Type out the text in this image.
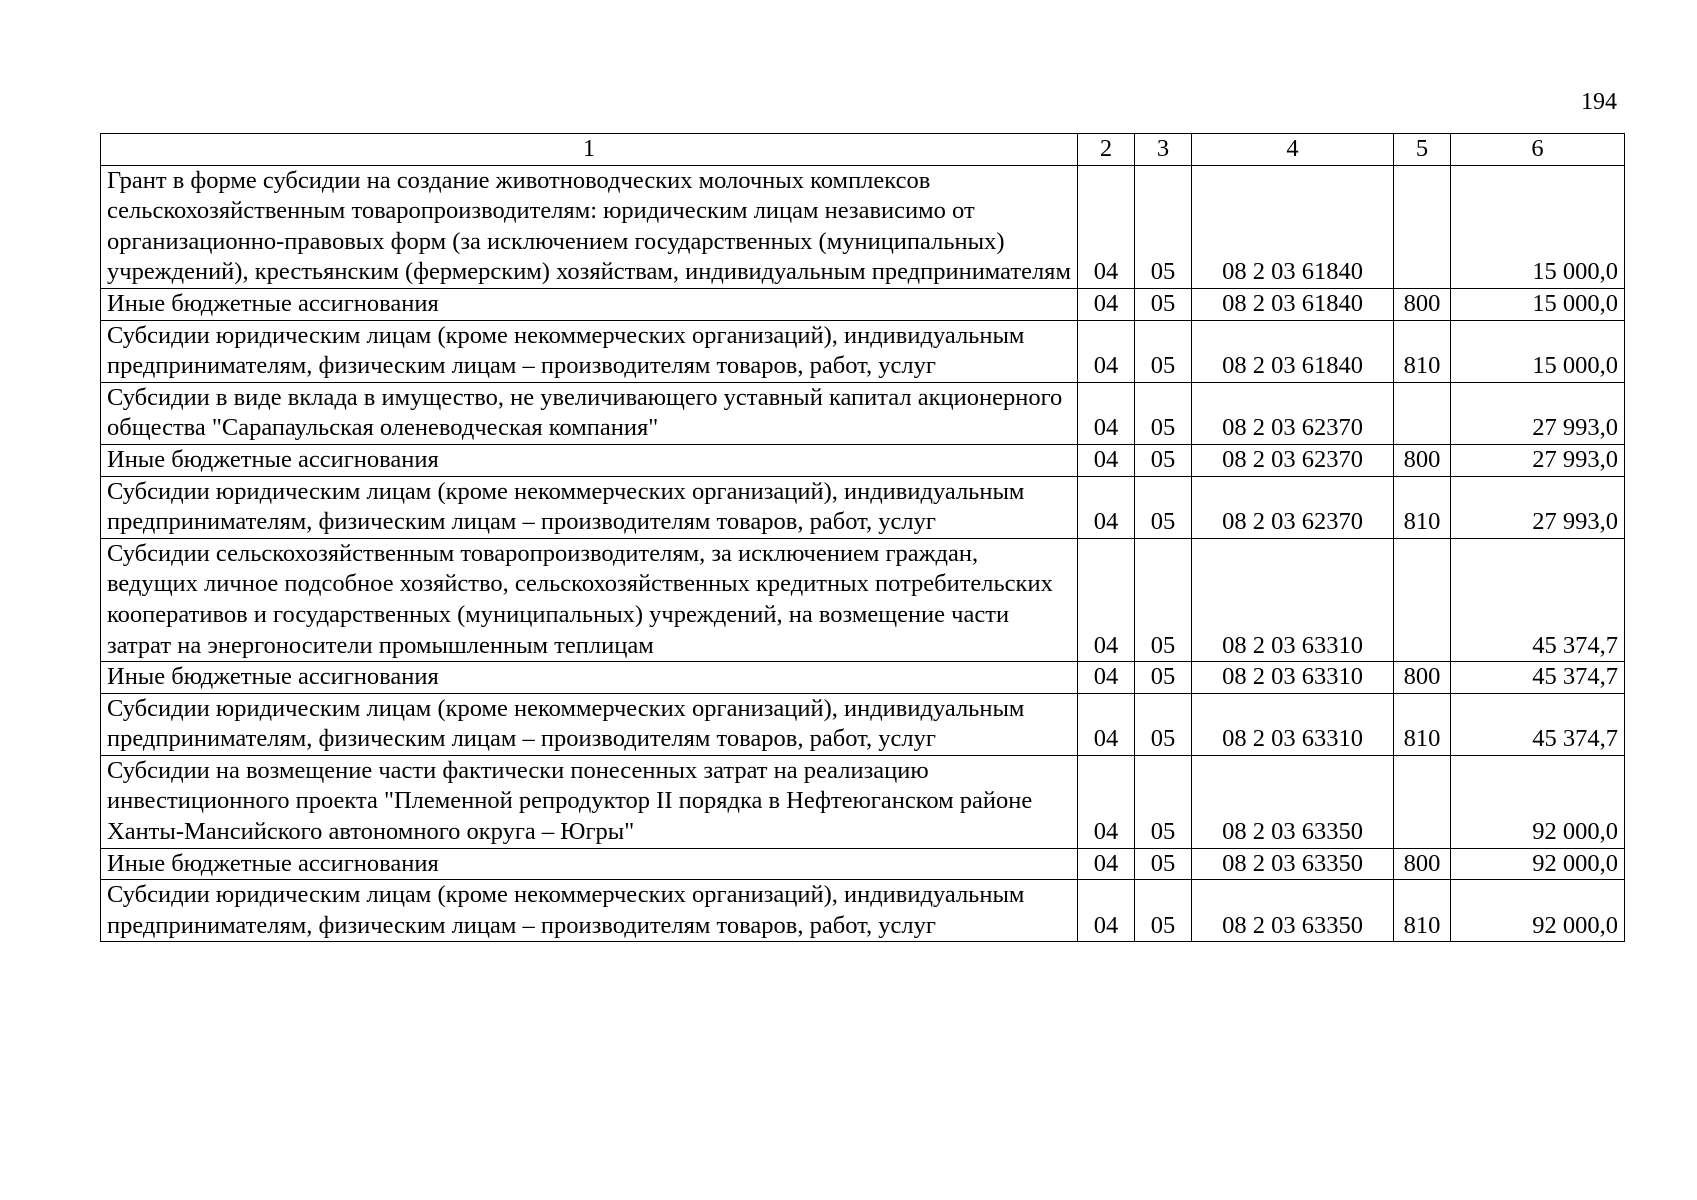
194
1	2	3	4	5	6
Грант в форме субсидии на создание животноводческих молочных комплексов сельскохозяйственным товаропроизводителям: юридическим лицам независимо от организационно-правовых форм (за исключением государственных (муниципальных) учреждений), крестьянским (фермерским) хозяйствам, индивидуальным предпринимателям	04	05	08 2 03 61840		15 000,0
Иные бюджетные ассигнования	04	05	08 2 03 61840	800	15 000,0
Субсидии юридическим лицам (кроме некоммерческих организаций), индивидуальным предпринимателям, физическим лицам – производителям товаров, работ, услуг	04	05	08 2 03 61840	810	15 000,0
Субсидии в виде вклада в имущество, не увеличивающего уставный капитал акционерного общества "Сарапаульская оленеводческая компания"	04	05	08 2 03 62370		27 993,0
Иные бюджетные ассигнования	04	05	08 2 03 62370	800	27 993,0
Субсидии юридическим лицам (кроме некоммерческих организаций), индивидуальным предпринимателям, физическим лицам – производителям товаров, работ, услуг	04	05	08 2 03 62370	810	27 993,0
Субсидии сельскохозяйственным товаропроизводителям, за исключением граждан, ведущих личное подсобное хозяйство, сельскохозяйственных кредитных потребительских кооперативов и государственных (муниципальных) учреждений, на возмещение части затрат на энергоносители промышленным теплицам	04	05	08 2 03 63310		45 374,7
Иные бюджетные ассигнования	04	05	08 2 03 63310	800	45 374,7
Субсидии юридическим лицам (кроме некоммерческих организаций), индивидуальным предпринимателям, физическим лицам – производителям товаров, работ, услуг	04	05	08 2 03 63310	810	45 374,7
Субсидии на возмещение части фактически понесенных затрат на реализацию инвестиционного проекта "Племенной репродуктор II порядка в Нефтеюганском районе Ханты-Мансийского автономного округа – Югры"	04	05	08 2 03 63350		92 000,0
Иные бюджетные ассигнования	04	05	08 2 03 63350	800	92 000,0
Субсидии юридическим лицам (кроме некоммерческих организаций), индивидуальным предпринимателям, физическим лицам – производителям товаров, работ, услуг	04	05	08 2 03 63350	810	92 000,0
